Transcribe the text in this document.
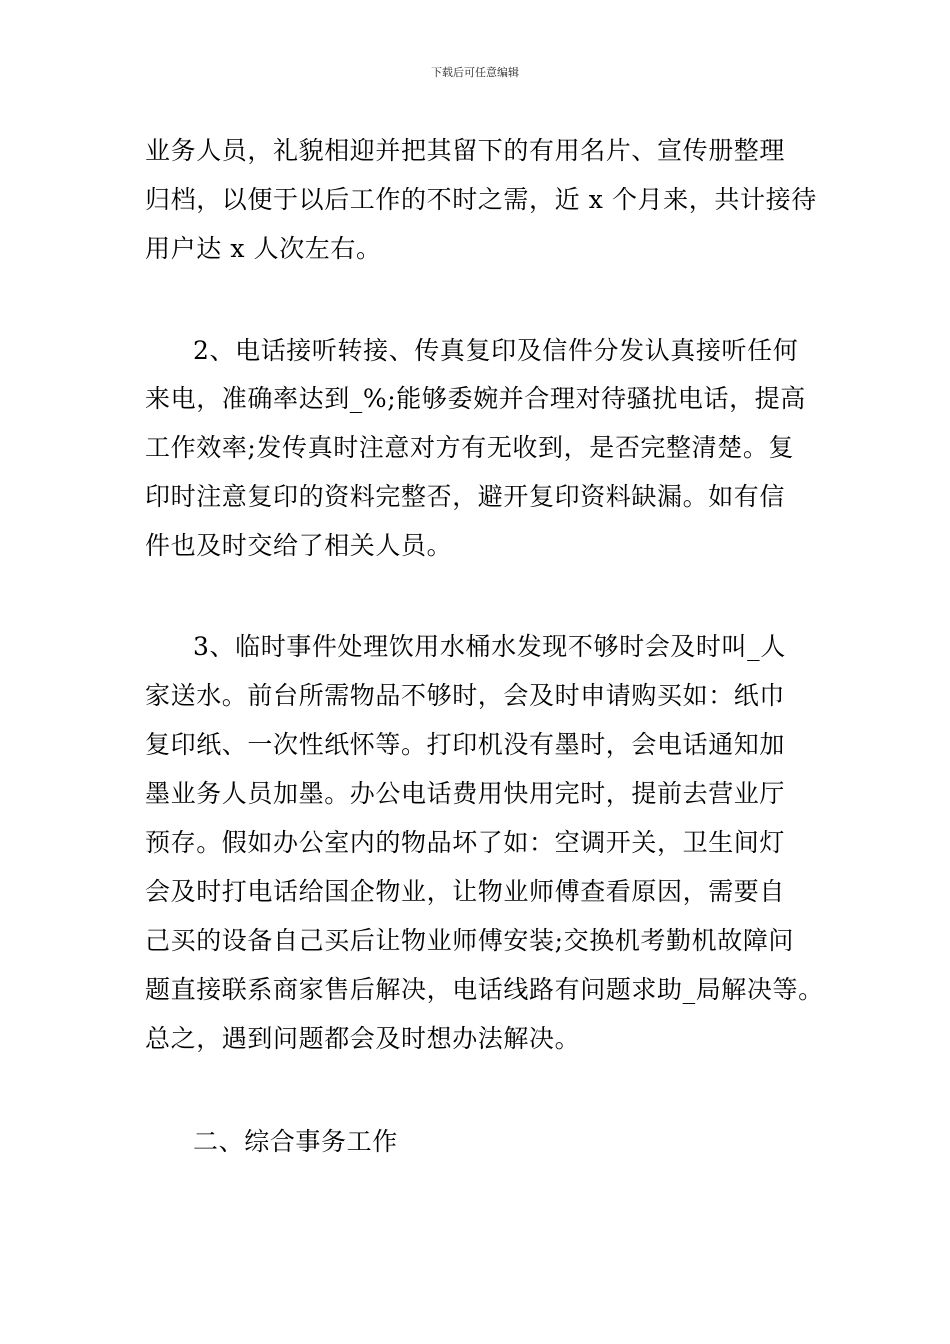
下载后可任意编辑
业务人员，礼貌相迎并把其留下的有用名片、宣传册整理
归档，以便于以后工作的不时之需，近 x 个月来，共计接待
用户达 x 人次左右。
2、电话接听转接、传真复印及信件分发认真接听任何
来电，准确率达到_%;能够委婉并合理对待骚扰电话，提高
工作效率;发传真时注意对方有无收到，是否完整清楚。复
印时注意复印的资料完整否，避开复印资料缺漏。如有信
件也及时交给了相关人员。
3、临时事件处理饮用水桶水发现不够时会及时叫_人
家送水。前台所需物品不够时，会及时申请购买如：纸巾
复印纸、一次性纸怀等。打印机没有墨时，会电话通知加
墨业务人员加墨。办公电话费用快用完时，提前去营业厅
预存。假如办公室内的物品坏了如：空调开关，卫生间灯
会及时打电话给国企物业，让物业师傅查看原因，需要自
己买的设备自己买后让物业师傅安装;交换机考勤机故障问
题直接联系商家售后解决，电话线路有问题求助_局解决等。
总之，遇到问题都会及时想办法解决。
二、综合事务工作
